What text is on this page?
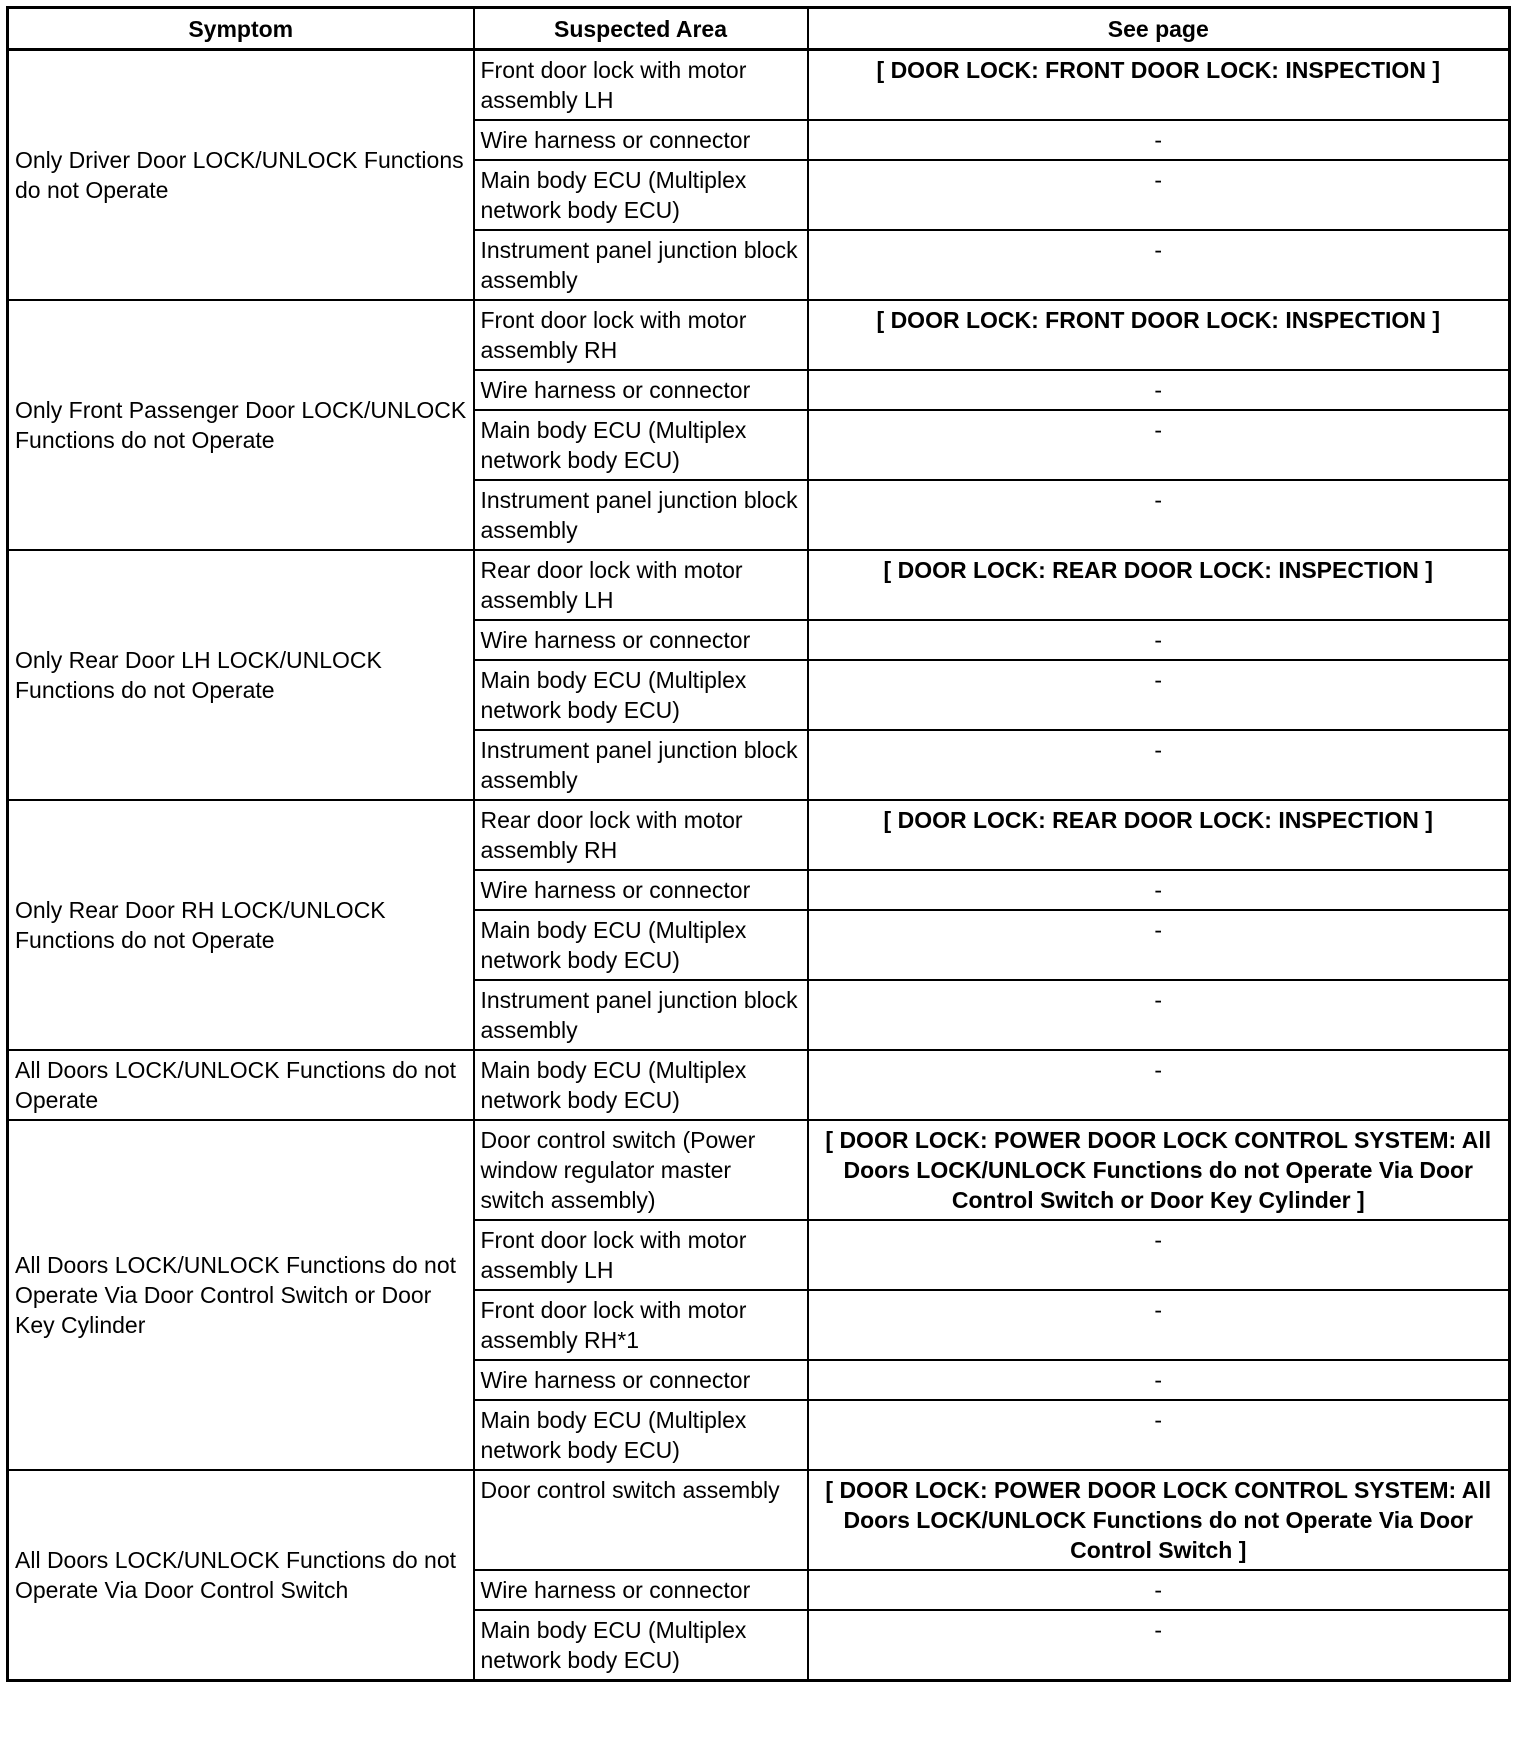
Symptom	Suspected Area	See page
Only Driver Door LOCK/UNLOCK Functions do not Operate	Front door lock with motor assembly LH	[ DOOR LOCK: FRONT DOOR LOCK: INSPECTION ]
	Wire harness or connector	-
	Main body ECU (Multiplex network body ECU)	-
	Instrument panel junction block assembly	-
Only Front Passenger Door LOCK/UNLOCK Functions do not Operate	Front door lock with motor assembly RH	[ DOOR LOCK: FRONT DOOR LOCK: INSPECTION ]
	Wire harness or connector	-
	Main body ECU (Multiplex network body ECU)	-
	Instrument panel junction block assembly	-
Only Rear Door LH LOCK/UNLOCK Functions do not Operate	Rear door lock with motor assembly LH	[ DOOR LOCK: REAR DOOR LOCK: INSPECTION ]
	Wire harness or connector	-
	Main body ECU (Multiplex network body ECU)	-
	Instrument panel junction block assembly	-
Only Rear Door RH LOCK/UNLOCK Functions do not Operate	Rear door lock with motor assembly RH	[ DOOR LOCK: REAR DOOR LOCK: INSPECTION ]
	Wire harness or connector	-
	Main body ECU (Multiplex network body ECU)	-
	Instrument panel junction block assembly	-
All Doors LOCK/UNLOCK Functions do not Operate	Main body ECU (Multiplex network body ECU)	-
All Doors LOCK/UNLOCK Functions do not Operate Via Door Control Switch or Door Key Cylinder	Door control switch (Power window regulator master switch assembly)	[ DOOR LOCK: POWER DOOR LOCK CONTROL SYSTEM: All Doors LOCK/UNLOCK Functions do not Operate Via Door Control Switch or Door Key Cylinder ]
	Front door lock with motor assembly LH	-
	Front door lock with motor assembly RH*1	-
	Wire harness or connector	-
	Main body ECU (Multiplex network body ECU)	-
All Doors LOCK/UNLOCK Functions do not Operate Via Door Control Switch	Door control switch assembly	[ DOOR LOCK: POWER DOOR LOCK CONTROL SYSTEM: All Doors LOCK/UNLOCK Functions do not Operate Via Door Control Switch ]
	Wire harness or connector	-
	Main body ECU (Multiplex network body ECU)	-
